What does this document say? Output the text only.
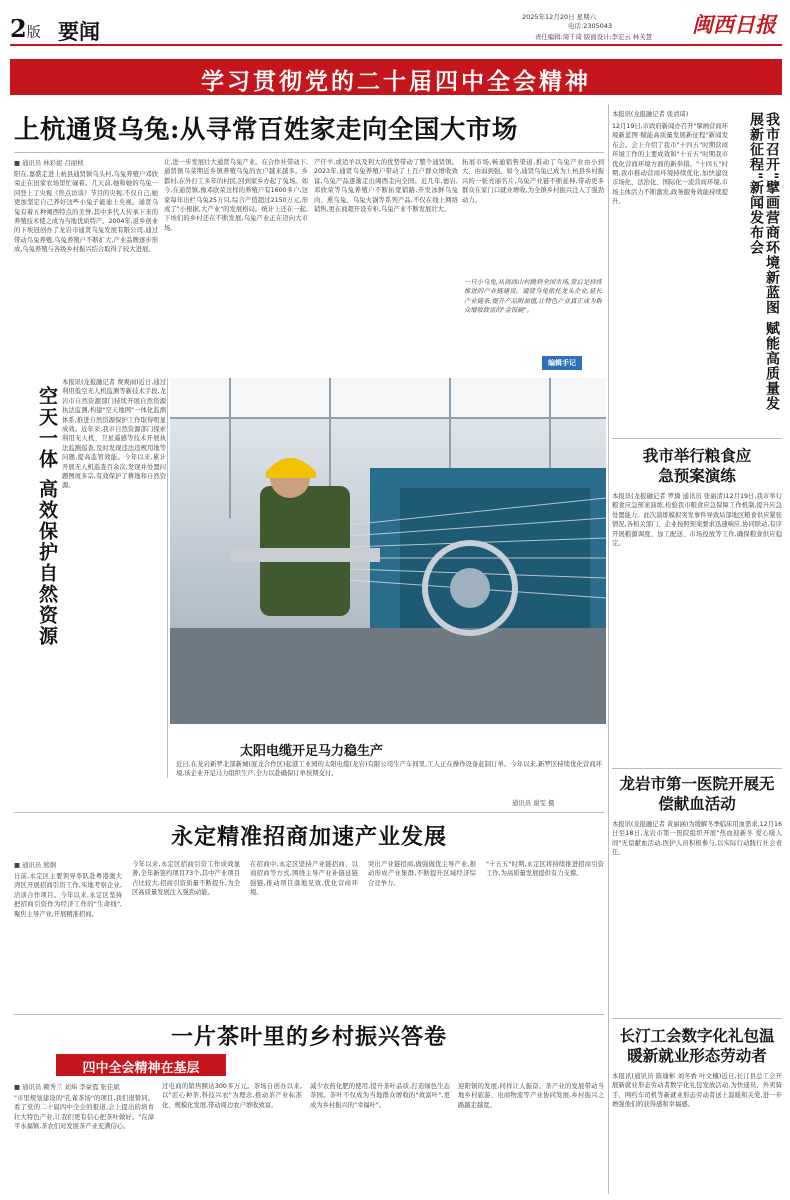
2版 要闻
2025年12月20日 星期六
电话:2305043
责任编辑:周千琦 版面设计:李宏云 林芙慧 闽西日报
学习贯彻党的二十届四中全会精神
上杭通贤乌兔:从寻常百姓家走向全国大市场
■ 通讯员 林彩妮 吕丽桢
阳在,嘉盛走进上杭县通贤镇乌头村,乌兔养殖户邓欣荣正在田家农场里忙碌着。几天前,她和她的乌兔一同登上了央视《焦点访谈》节目的央视,不仅自己,她更加坚定自己养好这些小兔子能迪上央视。通贤乌兔有着五种闽西特点的美誉,其中多代人传承下来的养殖技术使之成为当地优质特产。2004年,返乡创业的下埃冠创办了龙岩市通贤乌兔发展有限公司,通过带动乌兔养殖,乌兔养殖户不断扩大,产业品牌逐步形成,乌兔养殖与各级乡村振兴结合取得了较大进展。
让,进一步发展壮大通贤乌兔产业。在合作社带动下,通贤镇乌菜期近乡镇养殖乌兔的农户越来越多。乡都村,在外打工多年的村民,回到家乡办起了兔场。如今,在通贤镇,像邓欣荣这样的养殖户有1600多户,这家每年出栏乌兔25万只,综合产值超过2150万元,形成了"小根据,大产业"的发展格局。统计上还在一起,下埃们的乡村还在不断发展,乌兔产业正在迈向大市场。
产仟羊,或适羊以及利大的优势带动了整个通贤镇。2023年,通贤乌兔养殖户带动了上百户群众增收致富,乌兔产品逐渐走出闽西走向全国。近几年,德岩,邓欣荣等乌兔养殖户不断拓宽销路,开发冰鲜乌兔肉、熏乌兔、乌兔火锅等系列产品,不仅在线上网络销售,更在商超开设专柜,乌兔产业不断发展壮大。
拓展市场,畅通销售渠道,推动了乌兔产业由小到大、由弱到强。如今,通贤乌兔已成为上杭县乡村振兴的一张亮丽名片,乌兔产业链不断延伸,带动更多群众在家门口就业增收,为全镇乡村振兴注入了强劲动力。
一只小乌兔,从闽西山村跳到全国市场,背后是持续推进的产业链建设。通贤乌兔依托龙头企业,延长产业链条,提升产品附加值,让特色产业真正成为群众增收致富的"金饭碗"。
编辑手记
本报讯(龙报融记者 费爽雨)近日,通过利用低空无人机监测等新技术手段,龙岩市自然资源部门持续开展自然资源执法监测,构建"空天地网"一体化监测体系,推进自然资源保护工作取得明显成效。近年来,我市自然资源部门探索利用无人机、卫星遥感等技术开展执法监测巡查,及时发现违法违规用地等问题,提高监管效能。今年以来,累计开展无人机巡查百余次,发现并处置问题图斑多宗,有效保护了耕地和自然资源。
空天一体 高效保护自然资源
太阳电缆开足马力稳生产
近日,在龙岩新罗北部新城(厦龙合作区)起港工业园的太阳电缆(龙岩)有限公司生产车间里,工人正在操作设备赶制订单。今年以来,新罗区持续优化营商环境,该企业开足马力组织生产,全力以赴确保订单按期交付。
通讯员 谢雯 摄
永定精准招商加速产业发展
■ 通讯员 熊炯
日前,永定区主要领导率队赴粤港澳大湾区开展招商引资工作,实地考察企业,洽谈合作项目。今年以来,永定区坚持把招商引资作为经济工作的"生命线",聚焦主导产业,开展精准招商。
今年以来,永定区招商引资工作成效显著,全年新签约项目73个,其中产业项目占比较大,招商引资质量不断提升,为全区高质量发展注入强劲动能。
在招商中,永定区坚持产业链招商、以商招商等方式,围绕主导产业补链延链强链,推动项目落地见效,优化营商环境。
突出产业链招商,做强做优主导产业,推动形成产业集群,不断提升区域经济综合竞争力。
"十五五"时期,永定区将持续推进招商引资工作,为高质量发展提供有力支撑。
一片茶叶里的乡村振兴答卷
四中全会精神在基层
■ 通讯员 赖秀兰 刘炜 李豪霞 张佳斌
"市里规划建设的"孔雀茶场"的项目,我们很赞同。看了党的二十届四中全会的报道,会上提出的培育壮大特色产业,让我们更有信心把茶叶做好。"在漳平永福镇,茶农们对发展茶产业充满信心。
过电商的销售额达300多万元。茶场自创办以来,以"匠心种茶,科技兴农"为理念,推动茶产业标准化、规模化发展,带动周边农户增收致富。
减少农药化肥的使用,提升茶叶品质,打造绿色生态茶园。茶叶不仅成为当地群众增收的"致富叶",更成为乡村振兴的"幸福叶"。
迎阳镇的发展,同样让人振奋。茶产业的发展带动当地乡村旅游、电商物流等产业协同发展,乡村振兴之路越走越宽。
本报讯(龙报融记者 张清琦)
12月19日,市政府新闻办召开"擘画营商环境新蓝图 赋能高质量发展新征程"新闻发布会。会上介绍了我市"十四五"时期营商环境工作的主要成效和"十五五"时期我市优化营商环境方面的新举措。"十四五"时期,我市推动营商环境持续优化,加快建设市场化、法治化、国际化一流营商环境,市场主体活力不断激发,政务服务效能持续提升。	我市召开"擘画营商环境新蓝图 赋能高质量发展新征程"新闻发布会
我市举行粮食应急预案演练
本报讯(龙报融记者 罗旖 通讯员 张丽清)12月19日,我市举行粮食应急预案演练,检验我市粮食应急保障工作机制,提升应急处置能力。此次演练模拟突发事件导致局部地区粮食供应紧张情况,各相关部门、企业按照预案要求迅速响应,协同联动,有序开展粮源调度、加工配送、市场投放等工作,确保粮食供应稳定。
龙岩市第一医院开展无偿献血活动
本报讯(龙报融记者 黄丽涵)为缓解冬季临床用血需求,12月16日至18日,龙岩市第一医院组织开展"热血迎新冬 爱心暖人间"无偿献血活动,医护人员积极参与,以实际行动践行社会责任。
长汀工会数字化礼包温暖新就业形态劳动者
本报讯(通讯员 陈瑜彬 刘冬香 叶文楠)近日,长汀县总工会开展新就业形态劳动者数字化礼包发放活动,为快递员、外卖骑手、网约车司机等新就业形态劳动者送上温暖和关爱,进一步增强他们的获得感和幸福感。
